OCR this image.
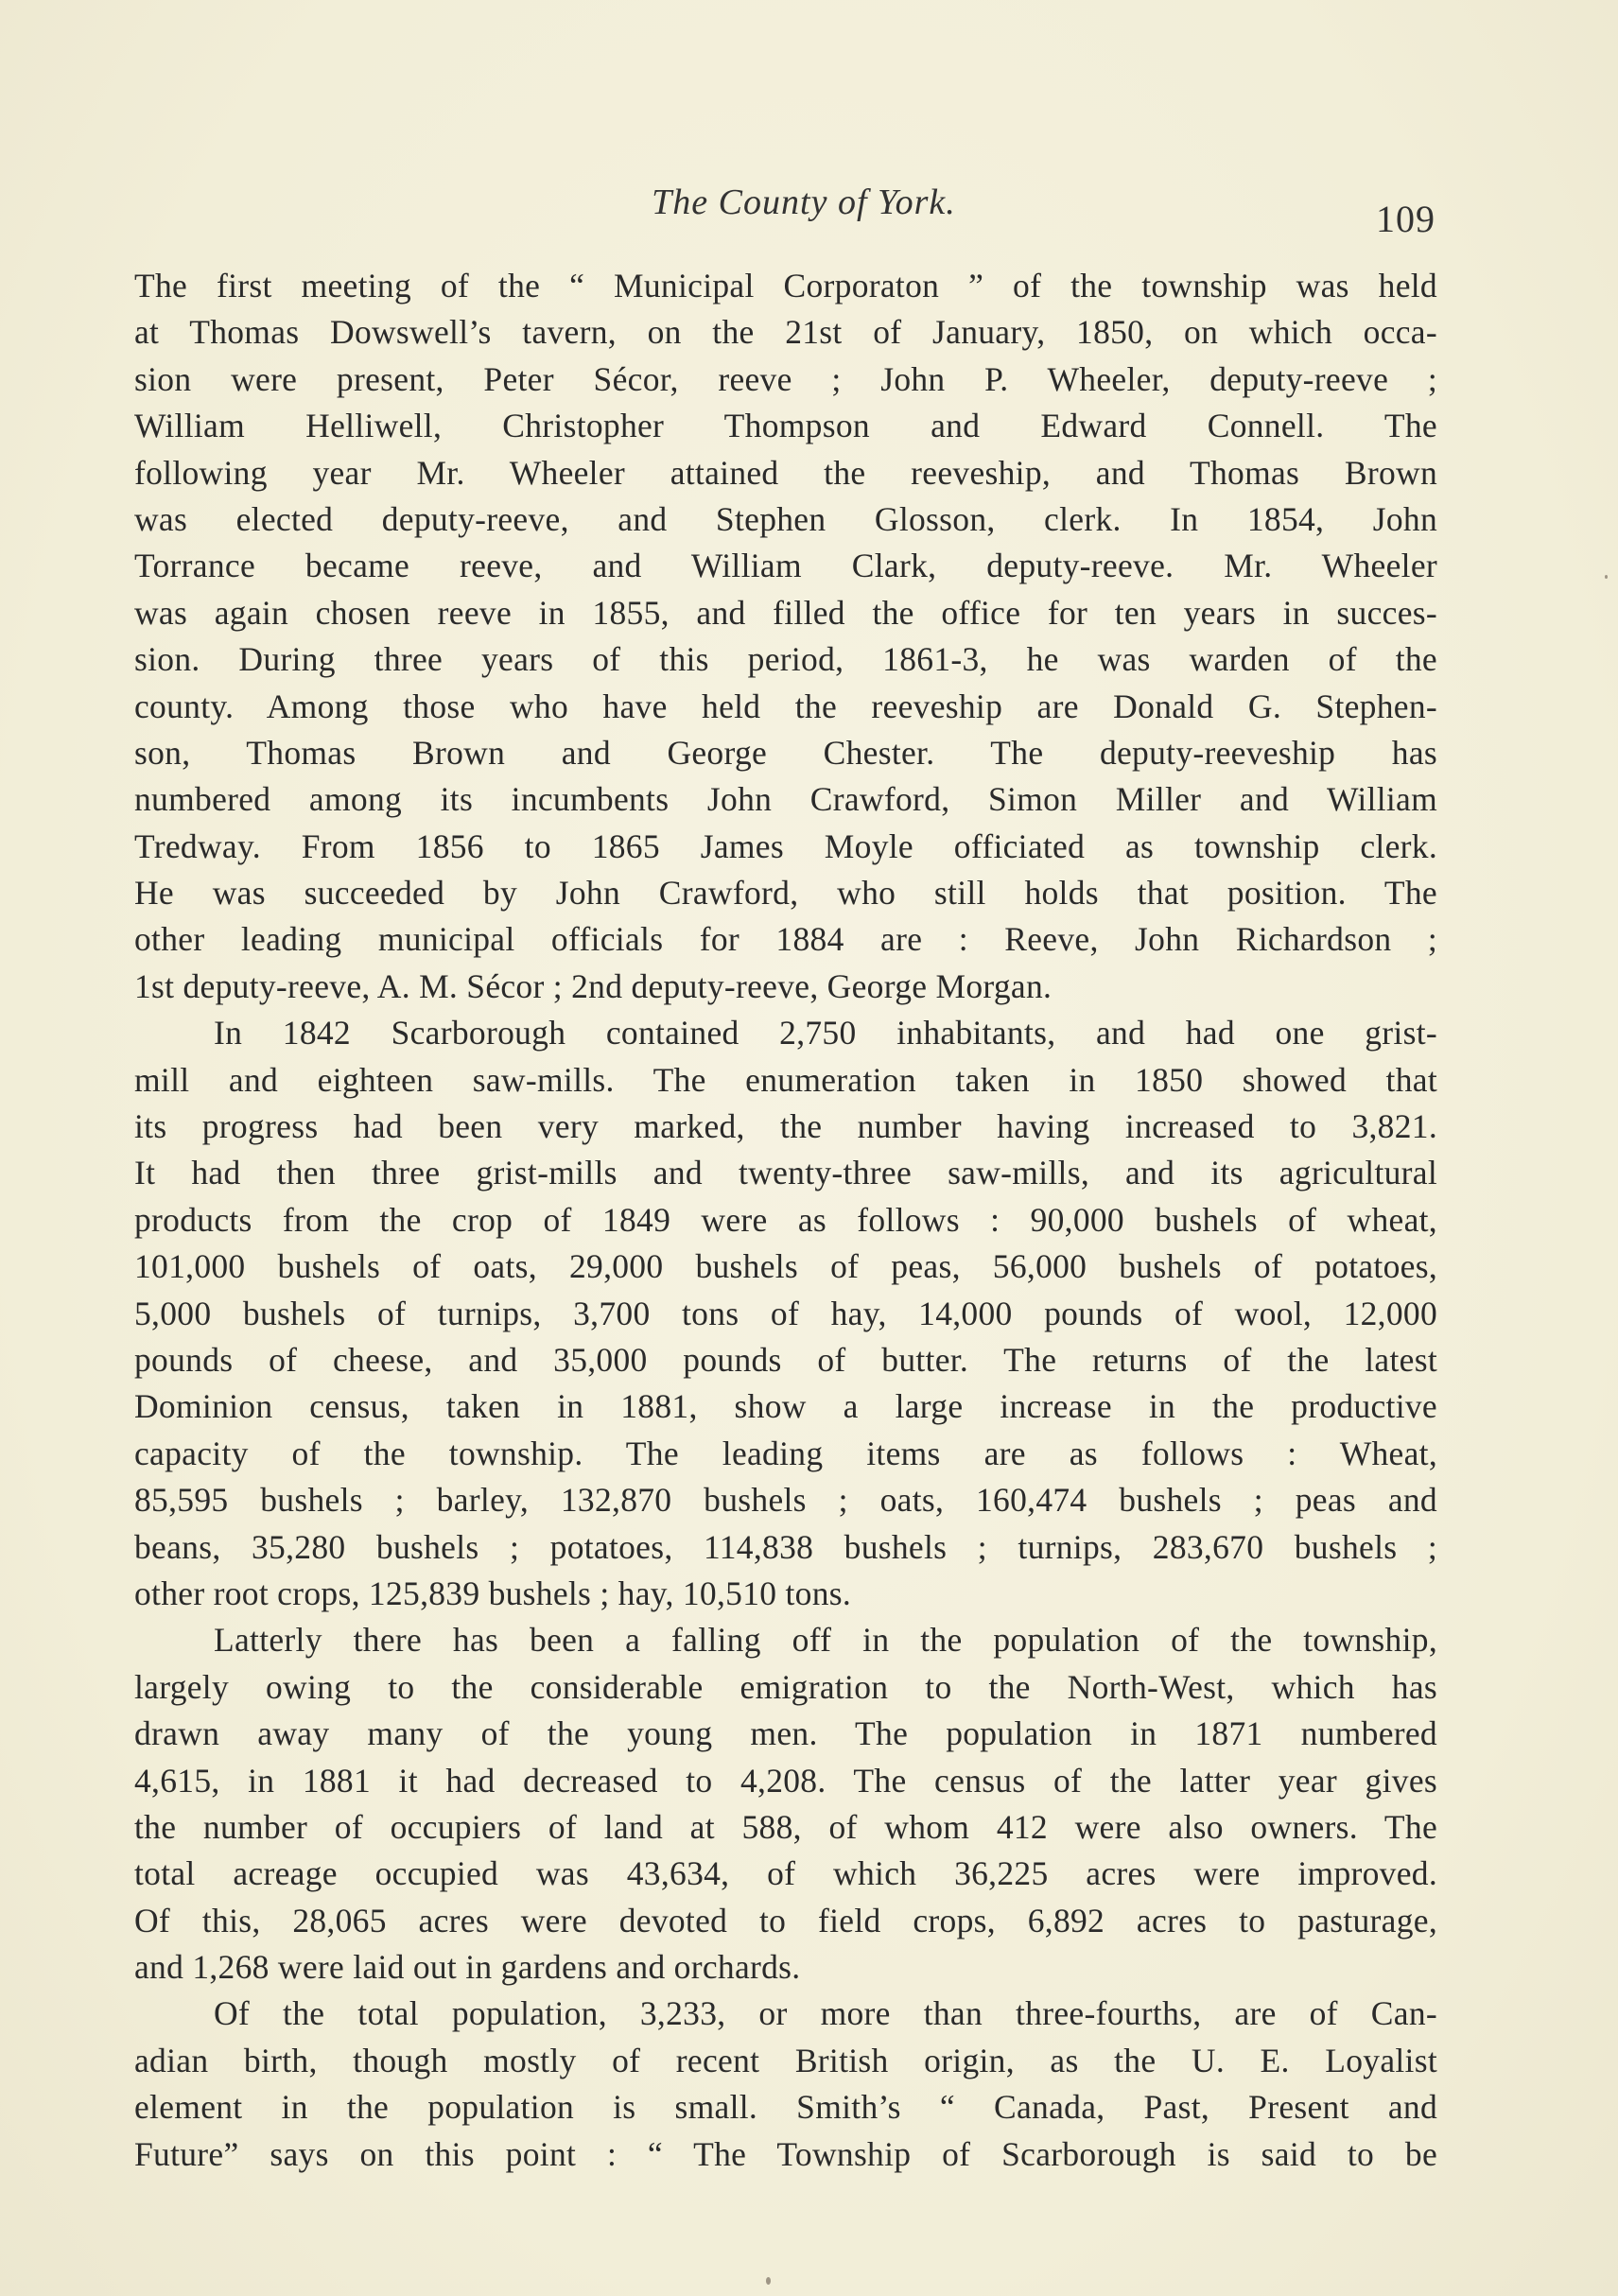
The County of York.	109
The first meeting of the “ Municipal Corporaton ” of the township was held
at Thomas Dowswell’s tavern, on the 21st of January, 1850, on which occa-
sion were present, Peter Sécor, reeve ; John P. Wheeler, deputy-reeve ;
William Helliwell, Christopher Thompson and Edward Connell. The
following year Mr. Wheeler attained the reeveship, and Thomas Brown
was elected deputy-reeve, and Stephen Glosson, clerk. In 1854, John
Torrance became reeve, and William Clark, deputy-reeve. Mr. Wheeler
was again chosen reeve in 1855, and filled the office for ten years in succes-
sion. During three years of this period, 1861-3, he was warden of the
county. Among those who have held the reeveship are Donald G. Stephen-
son, Thomas Brown and George Chester. The deputy-reeveship has
numbered among its incumbents John Crawford, Simon Miller and William
Tredway. From 1856 to 1865 James Moyle officiated as township clerk.
He was succeeded by John Crawford, who still holds that position. The
other leading municipal officials for 1884 are : Reeve, John Richardson ;
1st deputy-reeve, A. M. Sécor ; 2nd deputy-reeve, George Morgan.
In 1842 Scarborough contained 2,750 inhabitants, and had one grist-
mill and eighteen saw-mills. The enumeration taken in 1850 showed that
its progress had been very marked, the number having increased to 3,821.
It had then three grist-mills and twenty-three saw-mills, and its agricultural
products from the crop of 1849 were as follows : 90,000 bushels of wheat,
101,000 bushels of oats, 29,000 bushels of peas, 56,000 bushels of potatoes,
5,000 bushels of turnips, 3,700 tons of hay, 14,000 pounds of wool, 12,000
pounds of cheese, and 35,000 pounds of butter. The returns of the latest
Dominion census, taken in 1881, show a large increase in the productive
capacity of the township. The leading items are as follows : Wheat,
85,595 bushels ; barley, 132,870 bushels ; oats, 160,474 bushels ; peas and
beans, 35,280 bushels ; potatoes, 114,838 bushels ; turnips, 283,670 bushels ;
other root crops, 125,839 bushels ; hay, 10,510 tons.
Latterly there has been a falling off in the population of the township,
largely owing to the considerable emigration to the North-West, which has
drawn away many of the young men. The population in 1871 numbered
4,615, in 1881 it had decreased to 4,208. The census of the latter year gives
the number of occupiers of land at 588, of whom 412 were also owners. The
total acreage occupied was 43,634, of which 36,225 acres were improved.
Of this, 28,065 acres were devoted to field crops, 6,892 acres to pasturage,
and 1,268 were laid out in gardens and orchards.
Of the total population, 3,233, or more than three-fourths, are of Can-
adian birth, though mostly of recent British origin, as the U. E. Loyalist
element in the population is small. Smith’s “ Canada, Past, Present and
Future” says on this point : “ The Township of Scarborough is said to be
